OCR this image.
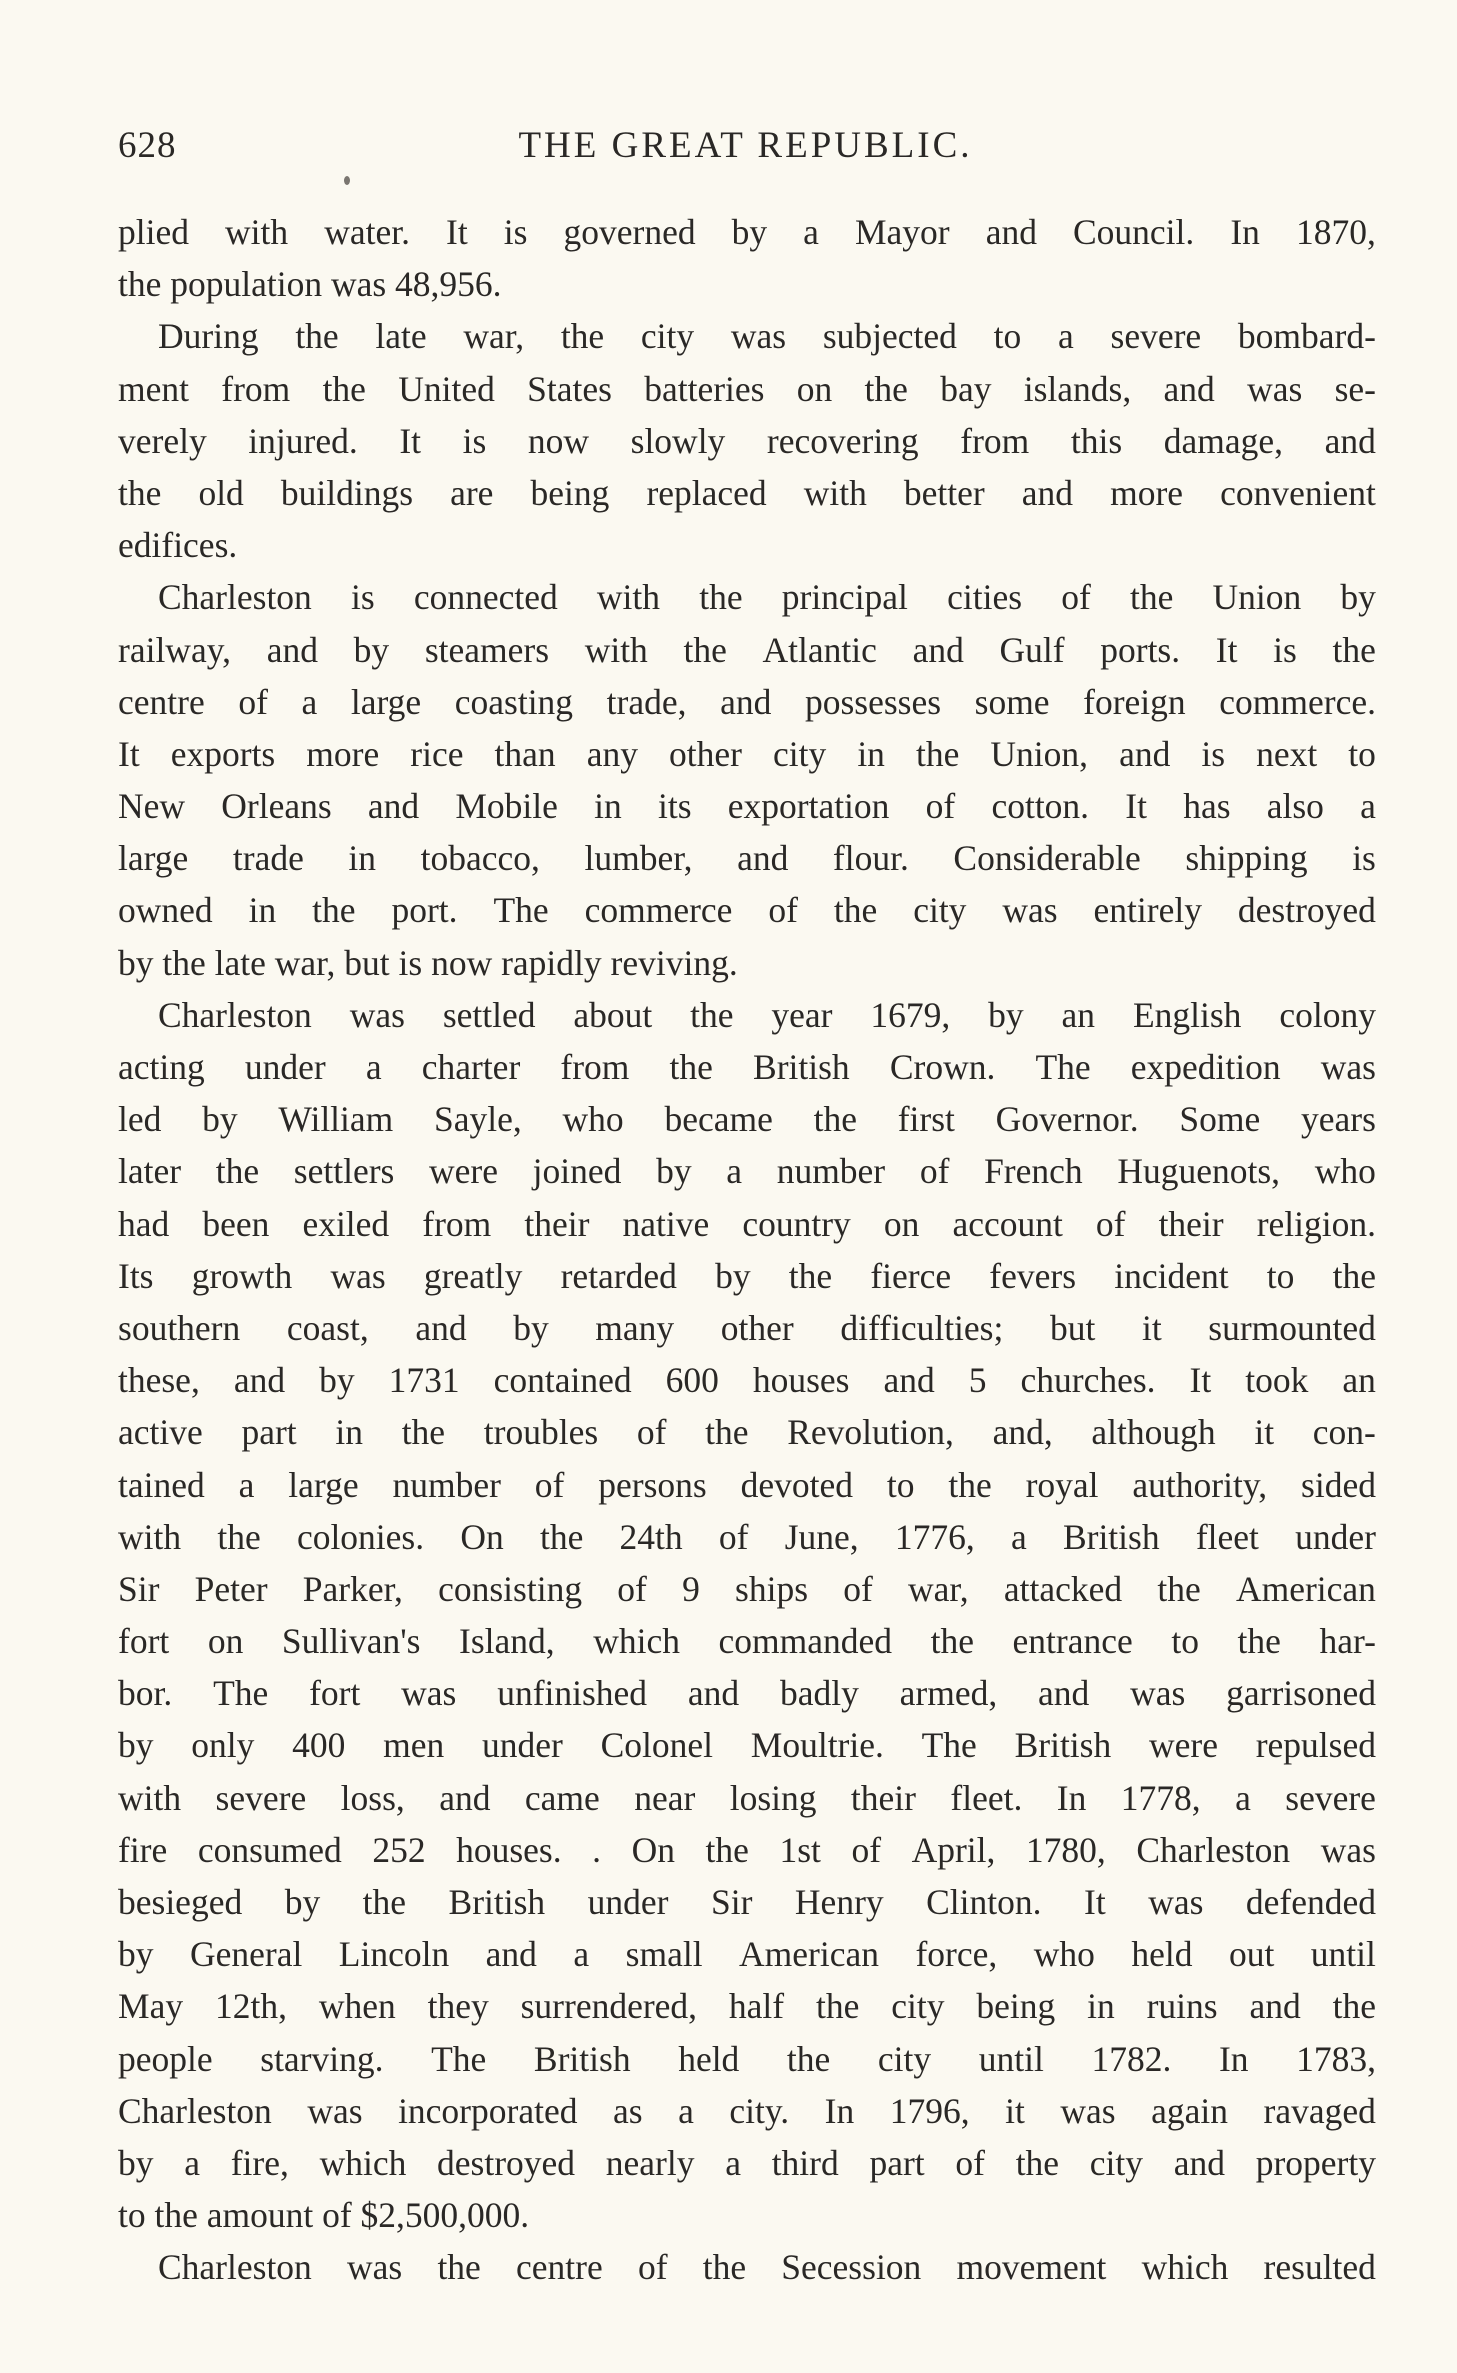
628	THE GREAT REPUBLIC.
plied with water. It is governed by a Mayor and Council. In 1870,
the population was 48,956.
During the late war, the city was subjected to a severe bombard-
ment from the United States batteries on the bay islands, and was se-
verely injured. It is now slowly recovering from this damage, and
the old buildings are being replaced with better and more convenient
edifices.
Charleston is connected with the principal cities of the Union by
railway, and by steamers with the Atlantic and Gulf ports. It is the
centre of a large coasting trade, and possesses some foreign commerce.
It exports more rice than any other city in the Union, and is next to
New Orleans and Mobile in its exportation of cotton. It has also a
large trade in tobacco, lumber, and flour. Considerable shipping is
owned in the port. The commerce of the city was entirely destroyed
by the late war, but is now rapidly reviving.
Charleston was settled about the year 1679, by an English colony
acting under a charter from the British Crown. The expedition was
led by William Sayle, who became the first Governor. Some years
later the settlers were joined by a number of French Huguenots, who
had been exiled from their native country on account of their religion.
Its growth was greatly retarded by the fierce fevers incident to the
southern coast, and by many other difficulties; but it surmounted
these, and by 1731 contained 600 houses and 5 churches. It took an
active part in the troubles of the Revolution, and, although it con-
tained a large number of persons devoted to the royal authority, sided
with the colonies. On the 24th of June, 1776, a British fleet under
Sir Peter Parker, consisting of 9 ships of war, attacked the American
fort on Sullivan's Island, which commanded the entrance to the har-
bor. The fort was unfinished and badly armed, and was garrisoned
by only 400 men under Colonel Moultrie. The British were repulsed
with severe loss, and came near losing their fleet. In 1778, a severe
fire consumed 252 houses. . On the 1st of April, 1780, Charleston was
besieged by the British under Sir Henry Clinton. It was defended
by General Lincoln and a small American force, who held out until
May 12th, when they surrendered, half the city being in ruins and the
people starving. The British held the city until 1782. In 1783,
Charleston was incorporated as a city. In 1796, it was again ravaged
by a fire, which destroyed nearly a third part of the city and property
to the amount of $2,500,000.
Charleston was the centre of the Secession movement which resulted
